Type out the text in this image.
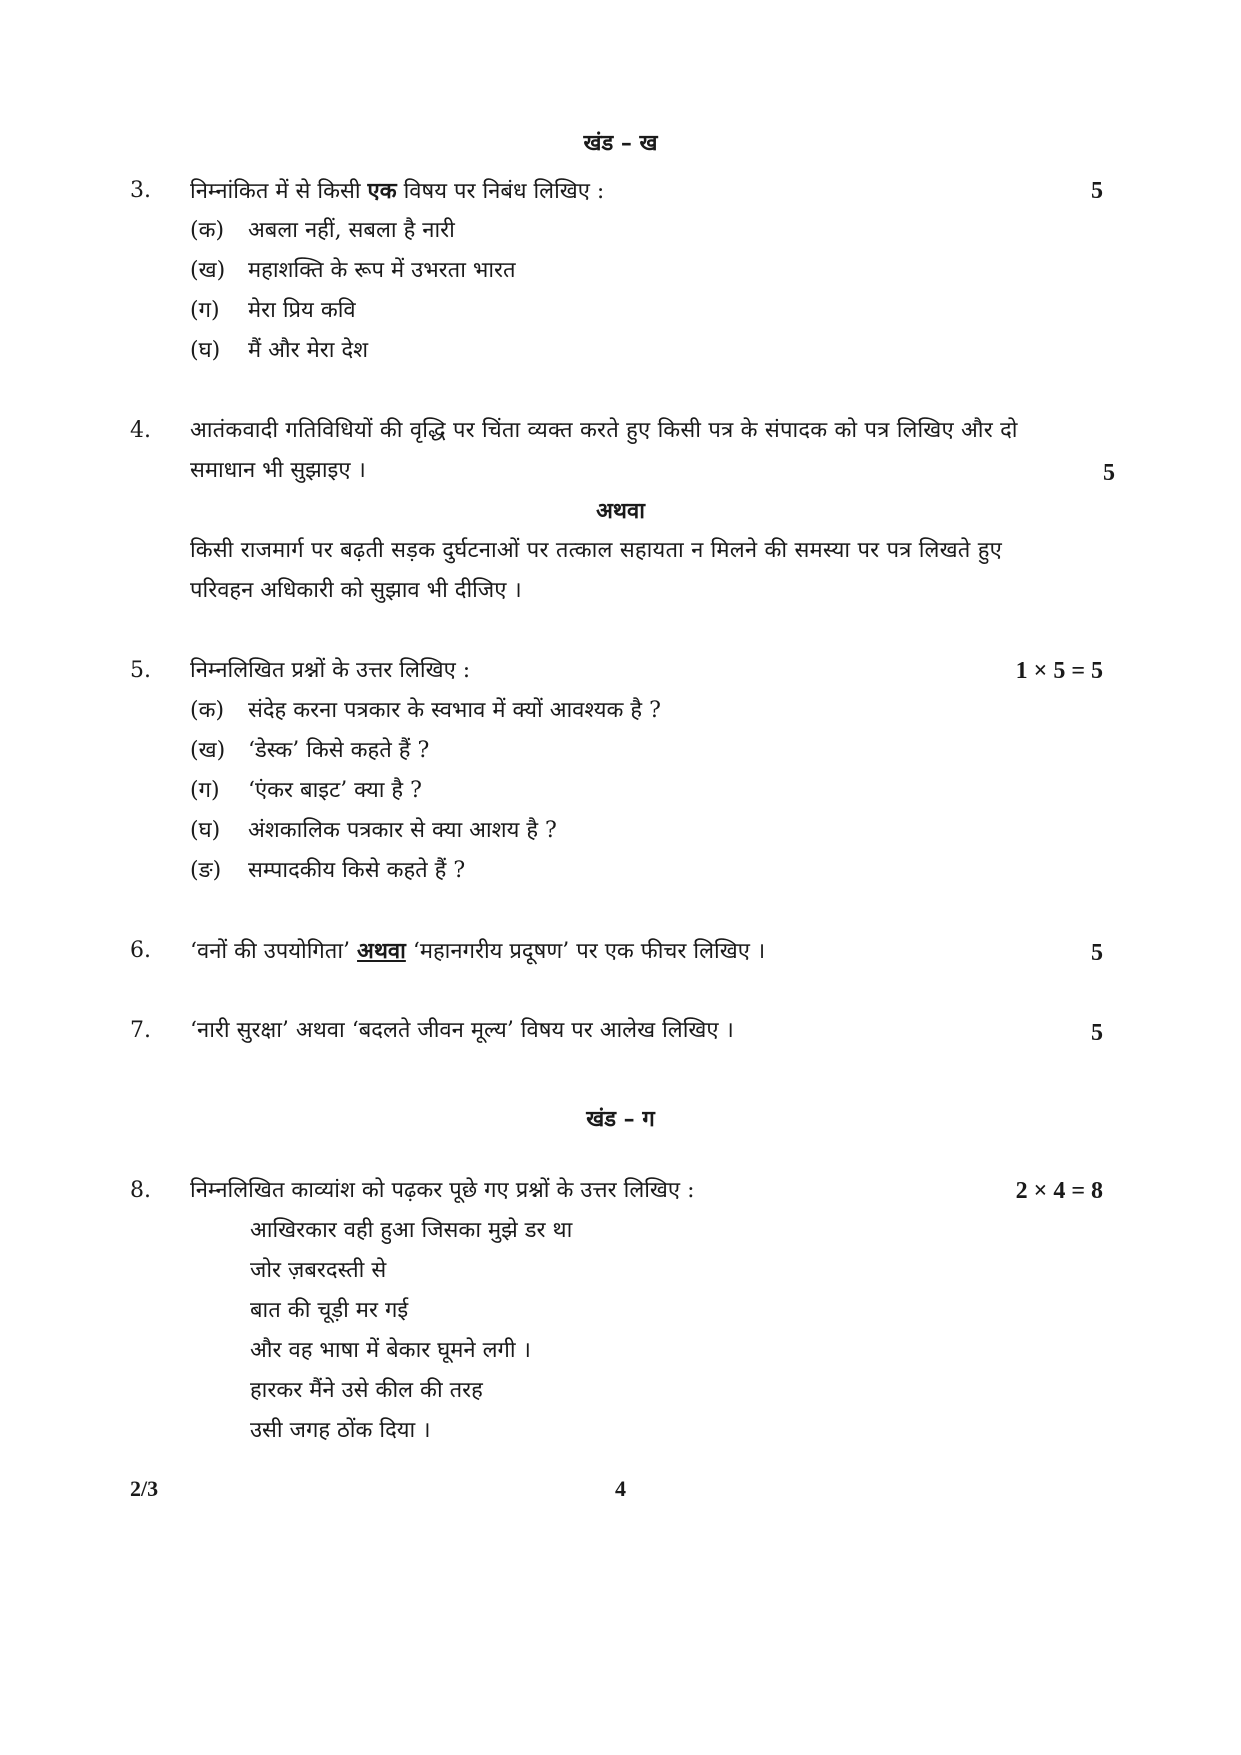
खंड – ख
3. निम्नांकित में से किसी एक विषय पर निबंध लिखिए :	5
(क) अबला नहीं, सबला है नारी
(ख) महाशक्ति के रूप में उभरता भारत
(ग) मेरा प्रिय कवि
(घ) मैं और मेरा देश
4. आतंकवादी गतिविधियों की वृद्धि पर चिंता व्यक्त करते हुए किसी पत्र के संपादक को पत्र लिखिए और दो
समाधान भी सुझाइए ।	5
अथवा
किसी राजमार्ग पर बढ़ती सड़क दुर्घटनाओं पर तत्काल सहायता न मिलने की समस्या पर पत्र लिखते हुए
परिवहन अधिकारी को सुझाव भी दीजिए ।
5. निम्नलिखित प्रश्नों के उत्तर लिखिए :	1 × 5 = 5
(क) संदेह करना पत्रकार के स्वभाव में क्यों आवश्यक है ?
(ख) ‘डेस्क’ किसे कहते हैं ?
(ग) ‘एंकर बाइट’ क्या है ?
(घ) अंशकालिक पत्रकार से क्या आशय है ?
(ङ) सम्पादकीय किसे कहते हैं ?
6. ‘वनों की उपयोगिता’ अथवा ‘महानगरीय प्रदूषण’ पर एक फीचर लिखिए ।	5
7. ‘नारी सुरक्षा’ अथवा ‘बदलते जीवन मूल्य’ विषय पर आलेख लिखिए ।	5
खंड – ग
8. निम्नलिखित काव्यांश को पढ़कर पूछे गए प्रश्नों के उत्तर लिखिए :	2 × 4 = 8
आखिरकार वही हुआ जिसका मुझे डर था
जोर ज़बरदस्ती से
बात की चूड़ी मर गई
और वह भाषा में बेकार घूमने लगी ।
हारकर मैंने उसे कील की तरह
उसी जगह ठोंक दिया ।
2/3	4
